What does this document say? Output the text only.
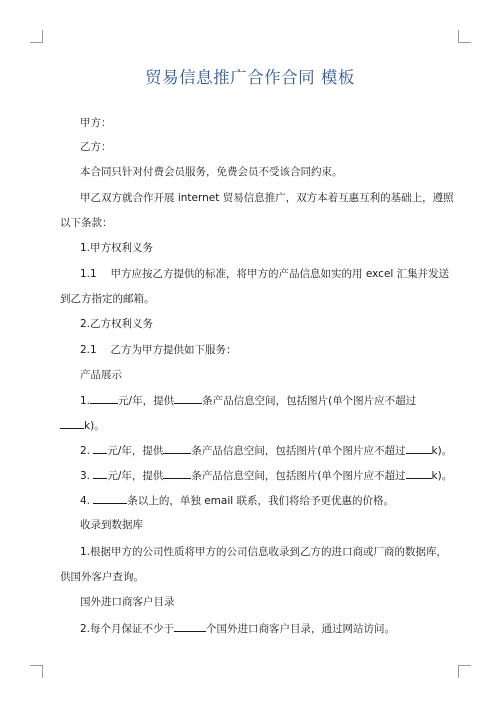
贸易信息推广合作合同 模板
甲方：
乙方：
本合同只针对付费会员服务，免费会员不受该合同约束。
甲乙双方就合作开展 internet 贸易信息推广，双方本着互惠互利的基础上，遵照
以下条款：
1.甲方权利义务
1.1　 甲方应按乙方提供的标准，将甲方的产品信息如实的用 excel 汇集并发送
到乙方指定的邮箱。
2.乙方权利义务
2.1　 乙方为甲方提供如下服务：
产品展示
1.	元/年，提供	条产品信息空间，包括图片(单个图片应不超过
k)。
2. 元/年，提供	条产品信息空间，包括图片(单个图片应不超过 k)。
3. 元/年，提供	条产品信息空间，包括图片(单个图片应不超过 k)。
4.	条以上的，单独 email 联系，我们将给予更优惠的价格。
收录到数据库
1.根据甲方的公司性质将甲方的公司信息收录到乙方的进口商或厂商的数据库，
供国外客户查询。
国外进口商客户目录
2.每个月保证不少于	个国外进口商客户目录，通过网站访问。
